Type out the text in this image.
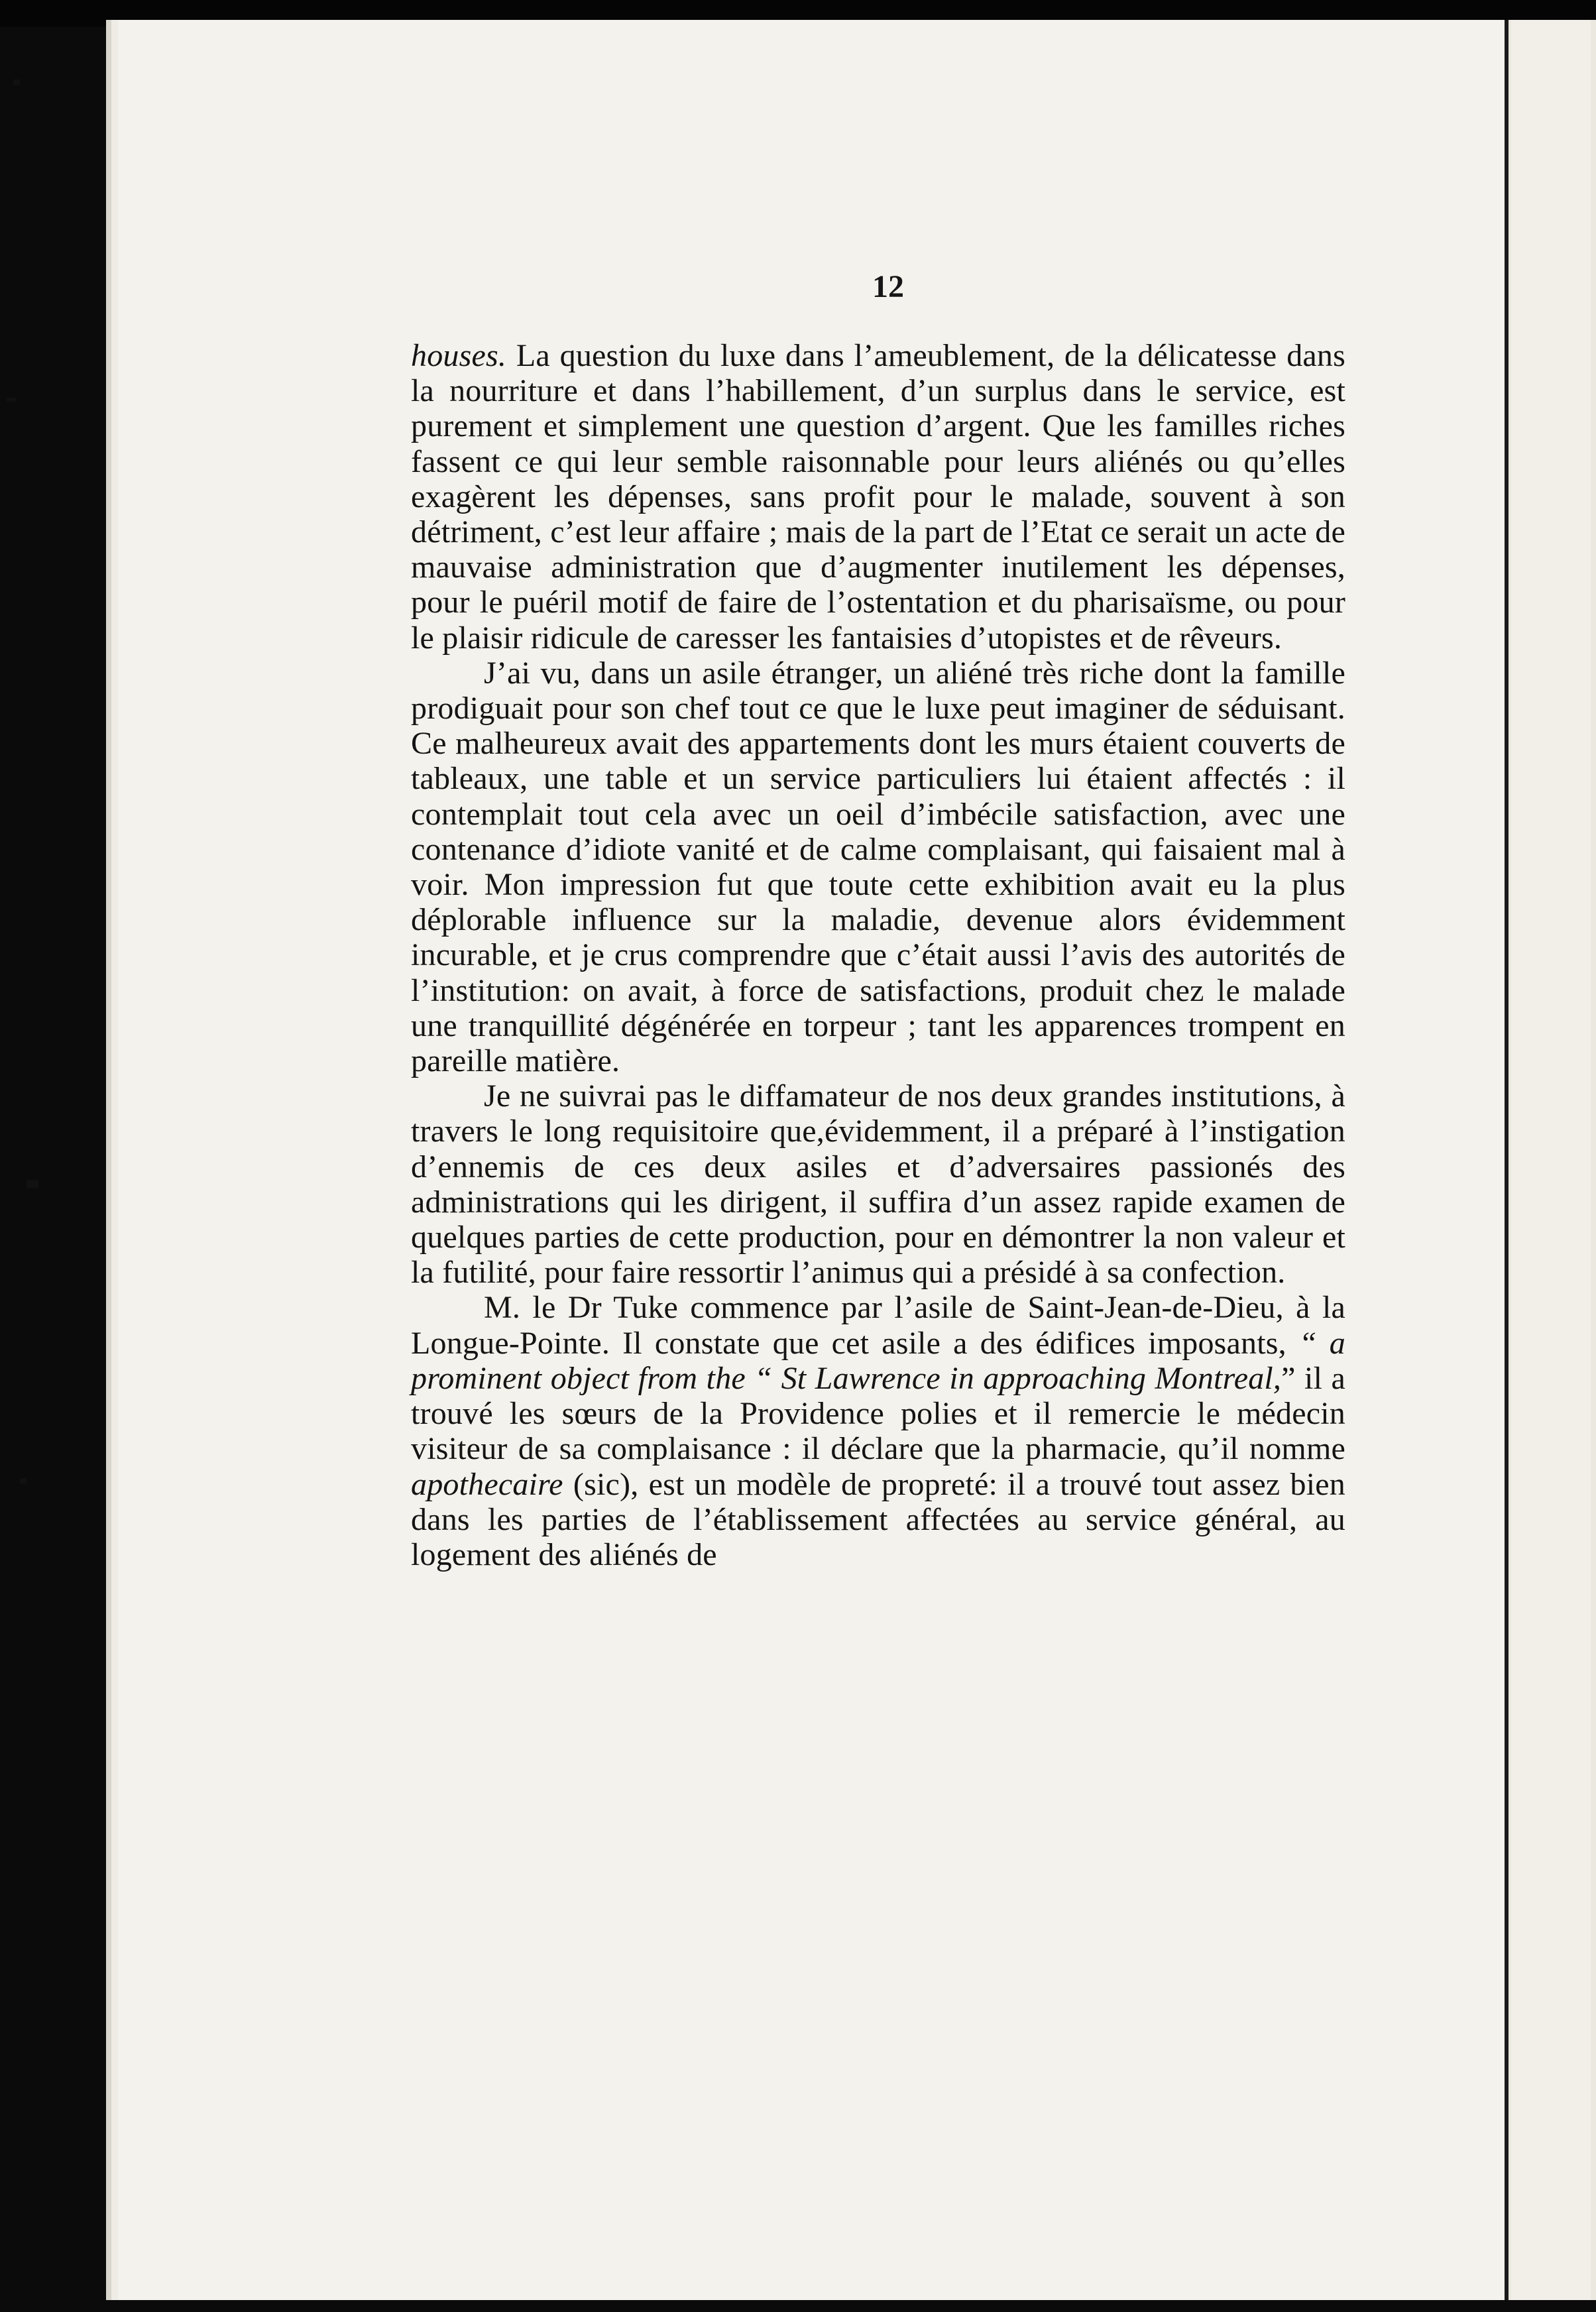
12

houses. La question du luxe dans l’ameublement, de la délicatesse dans la nourriture et dans l’habillement, d’un surplus dans le service, est purement et simplement une question d’argent. Que les familles riches fassent ce qui leur semble raisonnable pour leurs aliénés ou qu’elles exagèrent les dépenses, sans profit pour le malade, souvent à son détriment, c’est leur affaire ; mais de la part de l’Etat ce serait un acte de mauvaise administration que d’augmenter inutilement les dépenses, pour le puéril motif de faire de l’ostentation et du pharisaïsme, ou pour le plaisir ridicule de caresser les fantaisies d’utopistes et de rêveurs.

J’ai vu, dans un asile étranger, un aliéné très riche dont la famille prodiguait pour son chef tout ce que le luxe peut imaginer de séduisant. Ce malheureux avait des appartements dont les murs étaient couverts de tableaux, une table et un service particuliers lui étaient affectés : il contemplait tout cela avec un oeil d’imbécile satisfaction, avec une contenance d’idiote vanité et de calme complaisant, qui faisaient mal à voir. Mon impression fut que toute cette exhibition avait eu la plus déplorable influence sur la maladie, devenue alors évidemment incurable, et je crus comprendre que c’était aussi l’avis des autorités de l’institution: on avait, à force de satisfactions, produit chez le malade une tranquillité dégénérée en torpeur ; tant les apparences trompent en pareille matière.

Je ne suivrai pas le diffamateur de nos deux grandes institutions, à travers le long requisitoire que,évidemment, il a préparé à l’instigation d’ennemis de ces deux asiles et d’adversaires passionés des administrations qui les dirigent, il suffira d’un assez rapide examen de quelques parties de cette production, pour en démontrer la non valeur et la futilité, pour faire ressortir l’animus qui a présidé à sa confection.

M. le Dr Tuke commence par l’asile de Saint-Jean-de-Dieu, à la Longue-Pointe. Il constate que cet asile a des édifices imposants, “ a prominent object from the “ St Lawrence in approaching Montreal,” il a trouvé les sœurs de la Providence polies et il remercie le médecin visiteur de sa complaisance : il déclare que la pharmacie, qu’il nomme apothecaire (sic), est un modèle de propreté: il a trouvé tout assez bien dans les parties de l’établissement affectées au service général, au logement des aliénés de
